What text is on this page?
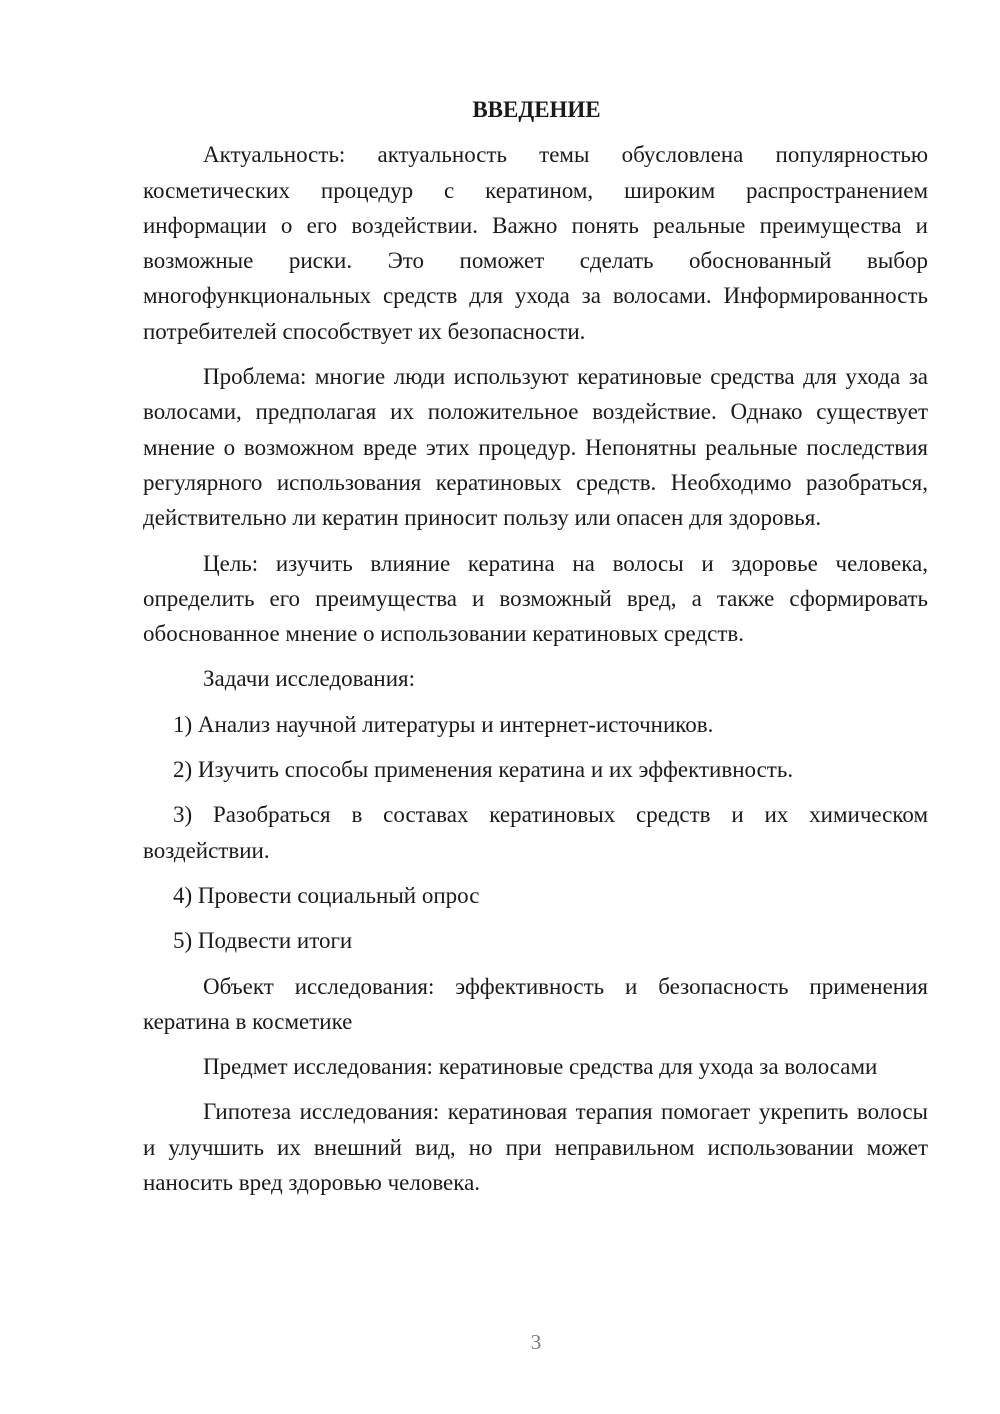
ВВЕДЕНИЕ

Актуальность: актуальность темы обусловлена популярностью косметических процедур с кератином, широким распространением информации о его воздействии. Важно понять реальные преимущества и возможные риски. Это поможет сделать обоснованный выбор многофункциональных средств для ухода за волосами. Информированность потребителей способствует их безопасности.

Проблема: многие люди используют кератиновые средства для ухода за волосами, предполагая их положительное воздействие. Однако существует мнение о возможном вреде этих процедур. Непонятны реальные последствия регулярного использования кератиновых средств. Необходимо разобраться, действительно ли кератин приносит пользу или опасен для здоровья.

Цель: изучить влияние кератина на волосы и здоровье человека, определить его преимущества и возможный вред, а также сформировать обоснованное мнение о использовании кератиновых средств.

Задачи исследования:

1) Анализ научной литературы и интернет-источников.

2) Изучить способы применения кератина и их эффективность.

3) Разобраться в составах кератиновых средств и их химическом воздействии.

4) Провести социальный опрос

5) Подвести итоги

Объект исследования: эффективность и безопасность применения кератина в косметике

Предмет исследования: кератиновые средства для ухода за волосами

Гипотеза исследования: кератиновая терапия помогает укрепить волосы и улучшить их внешний вид, но при неправильном использовании может наносить вред здоровью человека.

3
